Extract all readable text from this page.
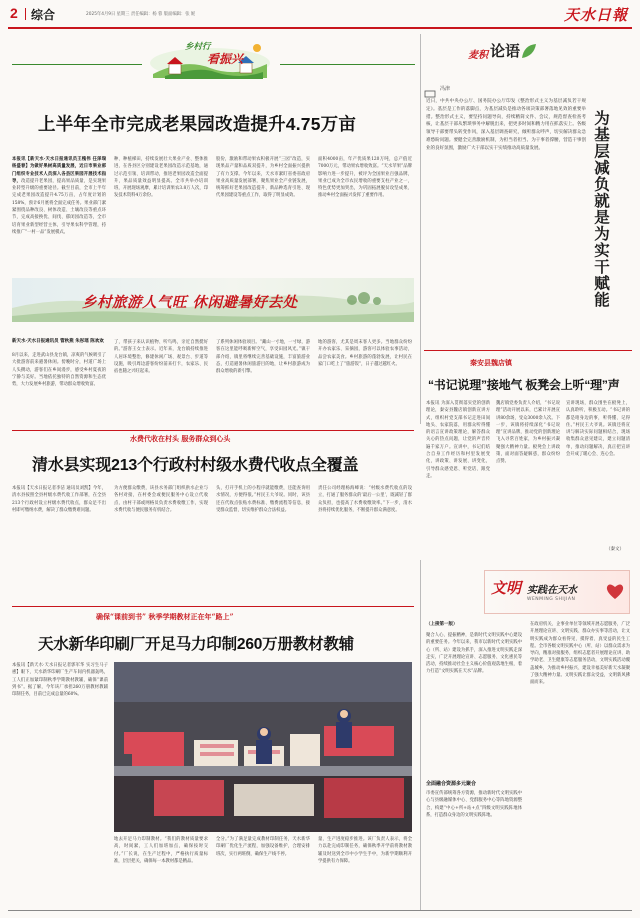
2 综合	2025年4月9日 星期三 责任编辑：杨 蓉 版面编辑：张 妮	天水日報
乡村行
看振兴
上半年全市完成老果园改造提升4.75万亩
本报讯【新天水·天水日报通讯员王槐伟 任泽瑞 杨盛春】为做好果树高质量发展，近日市果业部门组织专业技术人员深入各县区果园开展技术指导，改造提升老果园，提高果品质量，是实现果业转型升级的重要途径。截至目前，全市上半年完成老果园改造提升4.75万亩，占年度计划的158%，预计6月底将全面完成任务。果业部门紧紧围绕品种改良、树体改造、土壤改良等重点环节，完成高接换优、间伐、郁闭园改造等，全市培育果业新型经营主体，引导果农科学管理，持续推广“一村一品”发展模式。
种、种植梯田，持续发展壮大果业产业、整体推进，在各县区分别建设老果园改造示范基地，通过示范引领、培训带动，推进老果园改造全面提升，果品质量效益明显提高。全市共举办培训班，开展现场观摩，累计培训果农3.8万人次，印发技术资料4万余份。
股份，激励和带动果农积极开展“三园”改造，实现果品产量和品质双提升，为乡村全面振兴提供了有力支撑。今年以来，天水市紧盯省委省政府果业高质量发展部署，聚焦果业全产业链发展，统筹抓好老果园改造提升、新品种选育引进、现代果园建设等重点工作，取得了明显成效。
面积4000亩，年产优质果120万吨，总产值近7000万元，带动果农增收致富。“天水苹果”品牌影响力进一步提升，被评为全国果业百强品牌，果业已成为全市农民增收的重要支柱产业之一，特色优势更加突出，为巩固拓展脱贫攻坚成果、推动乡村全面振兴发挥了重要作用。
乡村旅游人气旺 休闲避暑好去处
新天水·天水日报通讯员 管秋燕 朱彤瑶 陈欢欢
8月以来，走进武山县龙台镇，凉爽的气候吸引了大批游客前来避暑休闲。傍晚时分，村道广场上人头攒动，游客们在乡间漫步，感受乡村夏夜的宁静与美好。当地依托独特的自然资源和生态优势，大力发展乡村旅游，带动群众增收致富。
了，带孩子来认识植物、听鸟鸣，亲近自然挺好的。”游客王女士表示。近年来，龙台镇持续推进人居环境整治，修建休闲广场、观景台、步道等设施，吸引周边游客纷纷前来打卡，农家乐、民宿也随之兴旺起来。
了系列休闲体验项目。“藏山一寸地，一寸绿，游客在这里能呼吸新鲜空气，享受田园风光。”镇干部介绍，镇里将继续完善基础设施，丰富旅游业态，打造避暑休闲旅游目的地，让乡村旅游成为群众增收的新引擎。
地的游客，尤其是周末客人更多。当地群众纷纷开办农家乐、采摘园，游客可以体验农事活动，品尝农家美食。乡村旅游的蓬勃发展，让村民在家门口吃上了“旅游饭”，日子越过越红火。
麦积 论语
冯津
为基层减负就是为实干赋能
近日，中共中央办公厅、国务院办公厅印发《整治形式主义为基层减负若干规定》。基层是工作的落脚点，为基层减负是推动各项决策部署落地见效的重要举措。整治形式主义，要坚持问题导向，持续精简文件、会议，规范督查检查考核，让基层干部从繁琐事务中解脱出来，把更多时间和精力用在抓落实上。各级领导干部要带头转变作风，深入基层调查研究，倾听群众呼声，切实解决群众急难愁盼问题。要健全完善激励机制，为担当者担当、为干事者撑腰，营造干事创业的良好氛围，激励广大干部以实干实绩推动高质量发展。
秦安县魏店镇
“书记说理”接地气 板凳会上听“理”声
本报讯 为深入贯彻落实党的创新理论，秦安县魏店镇创新宣讲方式，组织村党支部书记走进田间地头、农家院落，用群众听得懂的语言宣讲政策理论，解答群众关心的热点问题，让党的声音传遍千家万户。宣讲中，书记们结合自身工作经历和村里发展变化，讲政策、讲发展、讲变化，引导群众感党恩、听党话、跟党走。
魏店镇党委负责人介绍，“书记说理”活动开展以来，已累计开展宣讲80余场，受众3000余人次。下一步，该镇将持续深化“书记说理”宣讲品牌，推动党的创新理论飞入寻常百姓家，为乡村振兴凝聚强大精神力量。板凳会上讲政策，面对面答疑解惑，群众纷纷点赞。
宣讲现场，群众围坐在板凳上，认真聆听，积极互动。“书记讲的都是咱身边的事，听得懂、记得住。”村民王大爷说。该镇还将宣讲与解决实际问题相结合，现场收集群众意见建议，建立问题清单，推动问题解决，真正把宣讲会开成了暖心会、连心会。
（秦文）
水费代收在村头 服务群众到心头
清水县实现213个行政村村级水费代收点全覆盖
本报讯【天水日报记者李洁 通讯员刘凯】今年，清水县按照全县村级水费代收工作部署，在全县213个行政村设立村级水费代收点，群众足不出村即可缴纳水费，解决了群众缴费难问题。
为方便群众缴费，该县水务部门组织供水企业与各村对接，在村委会或便民服务中心设立代收点，由村干部或网格员负责水费收缴工作，实现水费代收与便民服务有机结合。
头，打开手机上的小程序就能缴费，还能查询用水情况，方便得很。”村民王大爷说。同时，该县还在代收点张贴水费标准、缴费流程等信息，接受群众监督，切实维护群众合法权益。
责任公司经理杨海峰说：“村级水费代收点的设立，打通了服务群众的‘最后一公里’，既减轻了群众负担，也提高了水费收缴效率。”下一步，清水县将持续优化服务，不断提升群众满意度。
确保“课前到书” 秋季学期教材正在年“路上”
天水新华印刷厂开足马力印制260万册教材教辅
本报讯【新天水·天水日报记者郭军华 实习生马子惠】眼下，天水新华印刷厂生产车间内机器轰鸣，工人们正加紧印制秋季学期教材教辅，确保“课前到书”。据了解，今年该厂承担260万册教材教辅印制任务，目前已完成总量的60%。
地去开足马力印制教材。“我们的教材质量要求高，时间紧，工人们加班加点，确保按时交付。”厂长说，在生产过程中，严格执行质量标准，层层把关，确保每一本教材都是精品。
全分。”为了满足量完成教材印制任务，天水新华印刷厂优化生产流程，加强设备维护，合理安排班次，实行两班倒，确保生产线不停。
量，生产进度稳步推进。该厂负责人表示，将全力以赴完成印制任务，确保秋季开学前将教材教辅及时送到全市中小学生手中，为新学期顺利开学提供有力保障。
文明 实践在天水
WENMING SHIJIAN
（上接第一版）
聚合人心、提振精神，是新时代文明实践中心建设的重要任务。今年以来，我市以新时代文明实践中心（所、站）建设为抓手，深入推进文明实践走深走实，广泛开展理论宣讲、志愿服务、文化惠民等活动，持续推动社会主义核心价值观落地生根，着力打造“文明实践在天水”品牌。
全面融合资源多元聚合
市委宣传部统筹各方资源，推动新时代文明实践中心与县级融媒体中心、党群服务中心等阵地资源整合，构建“中心+所+站+点”四级文明实践阵地体系，打造群众身边的文明实践阵地。
在政府机关、企事业单位等领域开展志愿服务，广泛开展理论宣讲、文明实践、群众办实事等活动，让文明实践成为群众看得见、摸得着、真受益的民生工程。全市各级文明实践中心（所、站）以群众需求为导向，精准对接服务，组织志愿者开展理论宣讲、助学助老、卫生健康等志愿服务活动，文明实践活动覆盖城乡，为推动乡村振兴、建设幸福美好新天水凝聚了强大精神力量。文明实践让群众受益，文明新风拂面而来。
